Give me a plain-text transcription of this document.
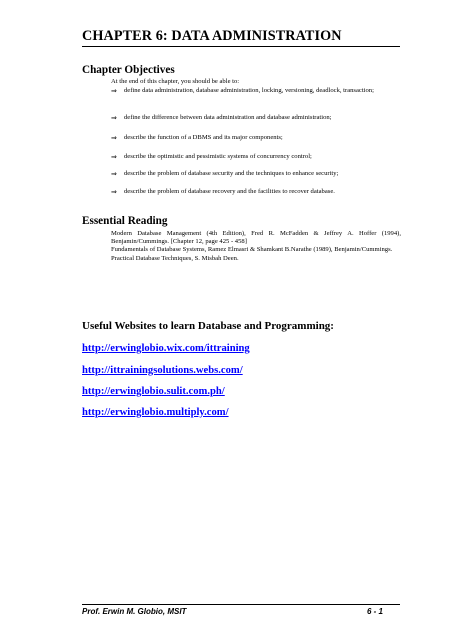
CHAPTER 6: DATA ADMINISTRATION
Chapter Objectives
At the end of this chapter, you should be able to:
⇒ define data administration, database administration, locking, versioning, deadlock, transaction;
⇒ define the difference between data administration and database administration;
⇒ describe the function of a DBMS and its major components;
⇒ describe the optimistic and pessimistic systems of concurrency control;
⇒ describe the problem of database security and the techniques to enhance security;
⇒ describe the problem of database recovery and the facilities to recover database.
Essential Reading
Modern Database Management (4th Edition), Fred R. McFadden & Jeffrey A. Hoffer (1994), Benjamin/Cummings. [Chapter 12, page 425 - 458]
Fundamentals of Database Systems, Ramez Elmasri & Shamkant B.Narathe (1989), Benjamin/Cummings.
Practical Database Techniques, S. Misbah Deen.
Useful Websites to learn Database and Programming:
http://erwinglobio.wix.com/ittraining
http://ittrainingsolutions.webs.com/
http://erwinglobio.sulit.com.ph/
http://erwinglobio.multiply.com/
Prof. Erwin M. Globio, MSIT	6 - 1
